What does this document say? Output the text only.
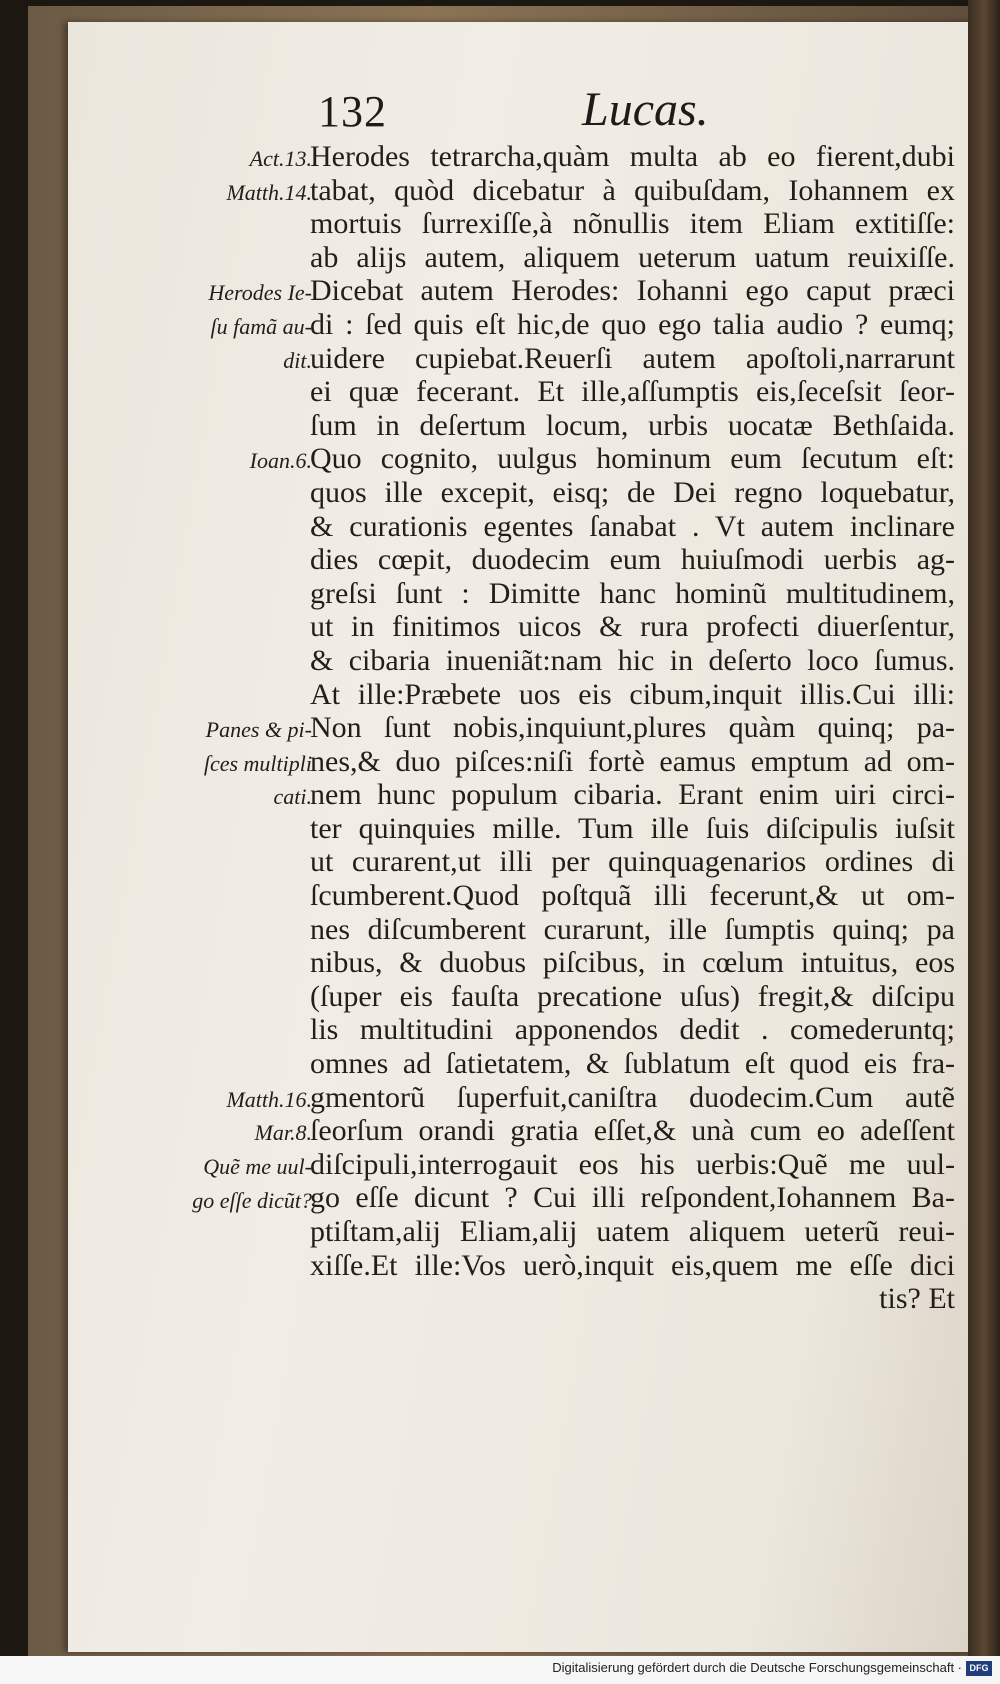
132	Lucas.
Herodes tetrarcha,quàm multa ab eo fierent,dubi
tabat, quòd dicebatur à quibuſdam, Iohannem ex
mortuis ſurrexiſſe,à nõnullis item Eliam extitiſſe:
ab alijs autem, aliquem ueterum uatum reuixiſſe.
Dicebat autem Herodes: Iohanni ego caput præci
di : ſed quis eſt hic,de quo ego talia audio ? eumq;
uidere cupiebat.Reuerſi autem apoſtoli,narrarunt
ei quæ fecerant. Et ille,aſſumptis eis,ſeceſsit ſeor-
ſum in deſertum locum, urbis uocatæ Bethſaida.
Quo cognito, uulgus hominum eum ſecutum eſt:
quos ille excepit, eisq; de Dei regno loquebatur,
& curationis egentes ſanabat . Vt autem inclinare
dies cœpit, duodecim eum huiuſmodi uerbis ag-
greſsi ſunt : Dimitte hanc hominũ multitudinem,
ut in finitimos uicos & rura profecti diuerſentur,
& cibaria inueniãt:nam hic in deſerto loco ſumus.
At ille:Præbete uos eis cibum,inquit illis.Cui illi:
Non ſunt nobis,inquiunt,plures quàm quinq; pa-
nes,& duo piſces:niſi fortè eamus emptum ad om-
nem hunc populum cibaria. Erant enim uiri circi-
ter quinquies mille. Tum ille ſuis diſcipulis iuſsit
ut curarent,ut illi per quinquagenarios ordines di
ſcumberent.Quod poſtquã illi fecerunt,& ut om-
nes diſcumberent curarunt, ille ſumptis quinq; pa
nibus, & duobus piſcibus, in cœlum intuitus, eos
(ſuper eis fauſta precatione uſus) fregit,& diſcipu
lis multitudini apponendos dedit . comederuntq;
omnes ad ſatietatem, & ſublatum eſt quod eis fra-
gmentorũ ſuperfuit,caniſtra duodecim.Cum autẽ
ſeorſum orandi gratia eſſet,& unà cum eo adeſſent
diſcipuli,interrogauit eos his uerbis:Quẽ me uul-
go eſſe dicunt ? Cui illi reſpondent,Iohannem Ba-
ptiſtam,alij Eliam,alij uatem aliquem ueterũ reui-
xiſſe.Et ille:Vos uerò,inquit eis,quem me eſſe dici
tis? Et
Act.13.
Matth.14.
Herodes Ie-
ſu famã au-
dit.
Ioan.6.
Panes & pi-
ſces multipli
cati.
Matth.16.
Mar.8.
Quẽ me uul-
go eſſe dicũt?
Digitalisierung gefördert durch die Deutsche Forschungsgemeinschaft · DFG
